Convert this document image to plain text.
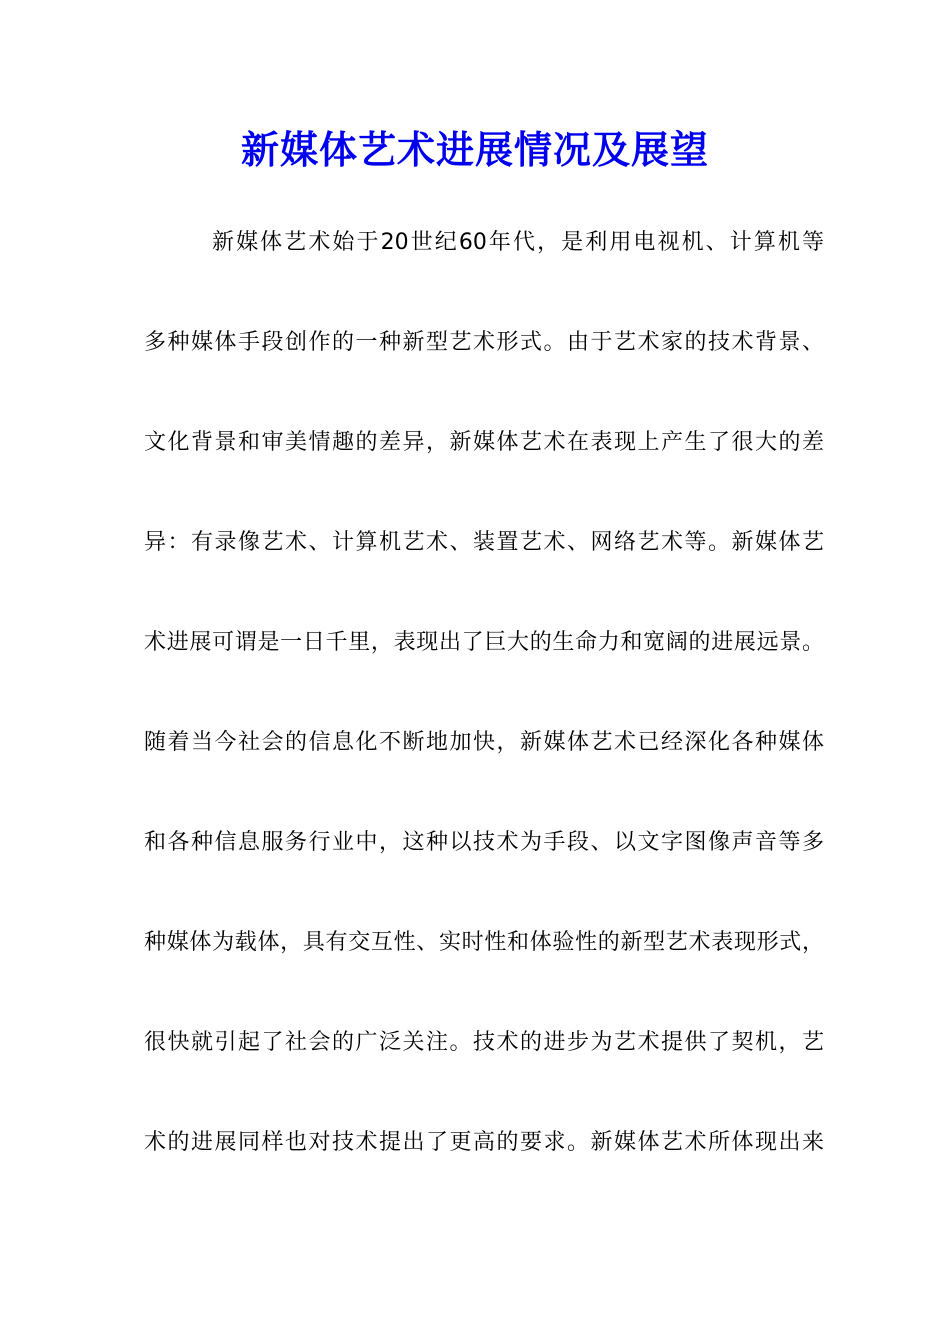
新媒体艺术进展情况及展望
新媒体艺术始于20世纪60年代，是利用电视机、计算机等
多种媒体手段创作的一种新型艺术形式。由于艺术家的技术背景、
文化背景和审美情趣的差异，新媒体艺术在表现上产生了很大的差
异：有录像艺术、计算机艺术、装置艺术、网络艺术等。新媒体艺
术进展可谓是一日千里，表现出了巨大的生命力和宽阔的进展远景。
随着当今社会的信息化不断地加快，新媒体艺术已经深化各种媒体
和各种信息服务行业中，这种以技术为手段、以文字图像声音等多
种媒体为载体，具有交互性、实时性和体验性的新型艺术表现形式，
很快就引起了社会的广泛关注。技术的进步为艺术提供了契机，艺
术的进展同样也对技术提出了更高的要求。新媒体艺术所体现出来
